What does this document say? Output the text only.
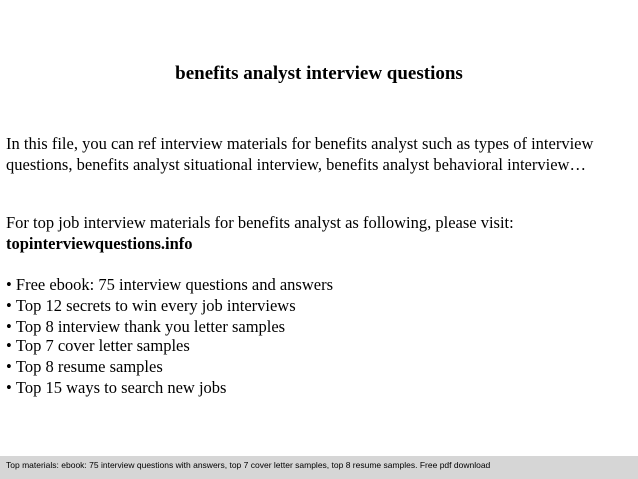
benefits analyst interview questions

In this file, you can ref interview materials for benefits analyst such as types of interview questions, benefits analyst situational interview, benefits analyst behavioral interview…

For top job interview materials for benefits analyst as following, please visit:
topinterviewquestions.info

• Free ebook: 75 interview questions and answers
• Top 12 secrets to win every job interviews
• Top 8 interview thank you letter samples
• Top 7 cover letter samples
• Top 8 resume samples
• Top 15 ways to search new jobs
Top materials: ebook: 75 interview questions with answers, top 7 cover letter samples, top 8 resume samples. Free pdf download
